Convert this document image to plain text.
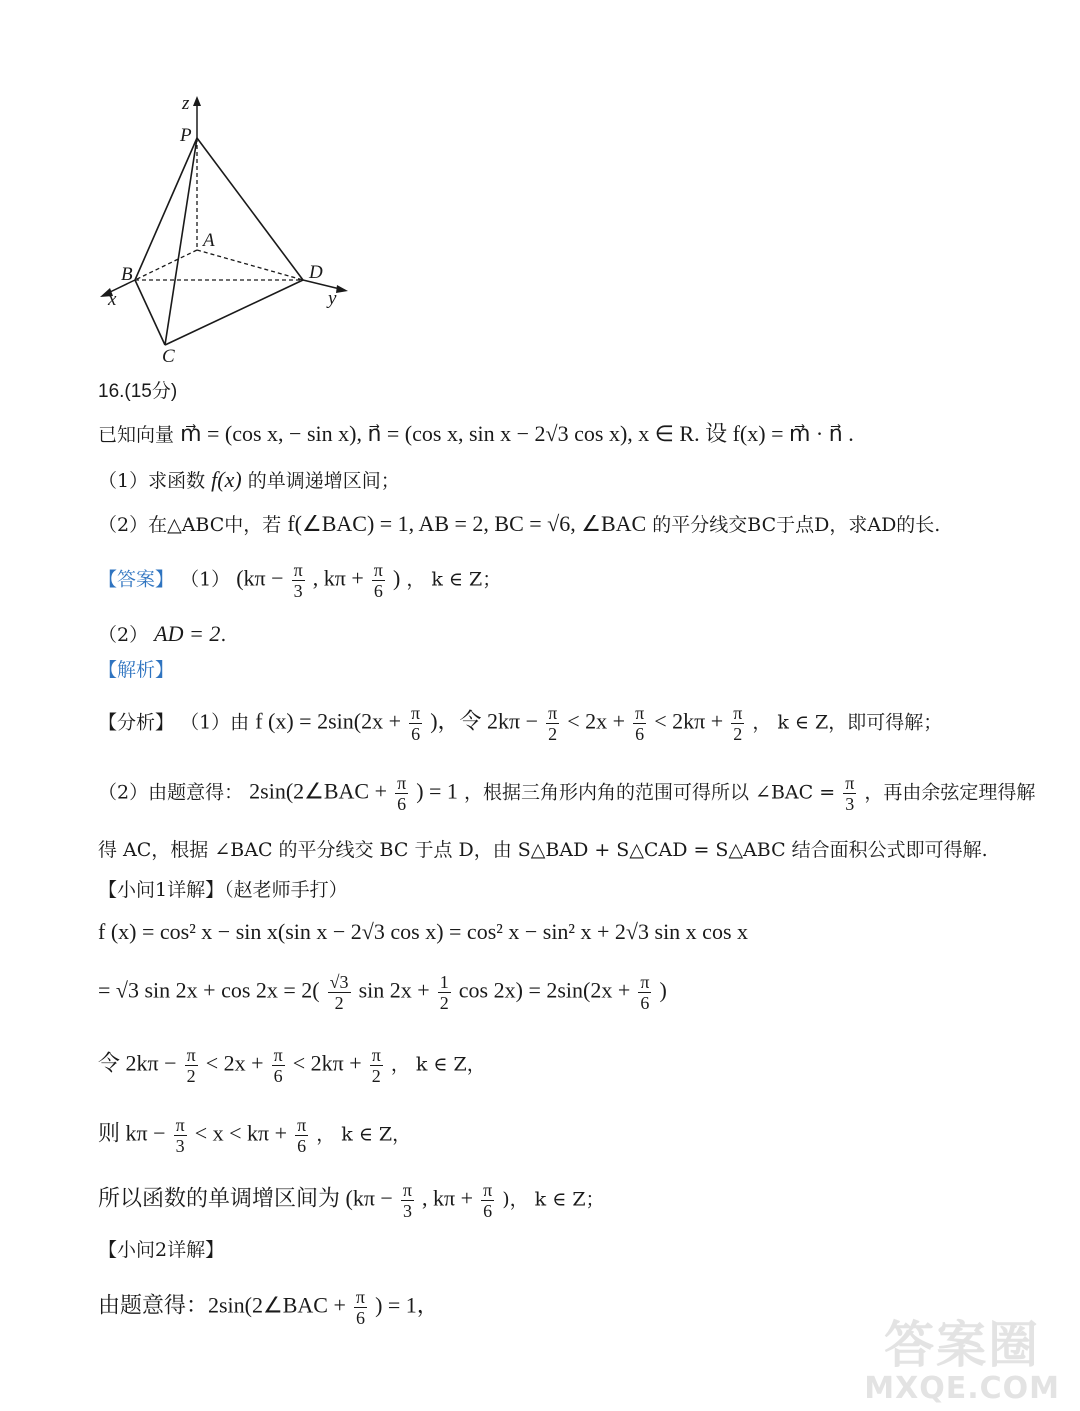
z
P
A
B	D
x	y
C
16.(15分)
已知向量 m⃗ = (cos x, − sin x), n⃗ = (cos x, sin x − 2√3 cos x), x ∈ R. 设 f(x) = m⃗ · n⃗ .
（1）求函数 f(x) 的单调递增区间；
（2）在△ABC中，若 f(∠BAC) = 1, AB = 2, BC = √6, ∠BAC 的平分线交BC于点D，求AD的长.
【答案】 （1） ($k\pi - \frac{\pi}{3}$ , $k\pi + \frac{\pi}{6}$ ) ， k ∈ Z；
（2） AD = 2.
【解析】
【分析】 （1）由 f $(x) = 2\sin(2x + \frac{\pi}{6}$ )，令 $2k\pi - \frac{\pi}{2} < 2x + \frac{\pi}{6} < 2k\pi + \frac{\pi}{2}$ ， k ∈ Z，即可得解；
（2）由题意得： 2sin(2∠BAC + $\frac{\pi}{6}$ ) = 1 ，根据三角形内角的范围可得所以 ∠BAC = $\frac{\pi}{3}$ ，再由余弦定理得解
得 AC，根据 ∠BAC 的平分线交 BC 于点 D，由 S△BAD + S△CAD = S△ABC 结合面积公式即可得解.
【小问1详解】（赵老师手打）
f (x) = cos² x − sin x(sin x − 2√3 cos x) = cos² x − sin² x + 2√3 sin x cos x
= √3 $\sin 2x + \cos 2x = 2( \frac{√3}{2}$ $\sin 2x + \frac{1}{2}$ $\cos 2x) = 2\sin(2x + \frac{\pi}{6}$ )
令 $2k\pi - \frac{\pi}{2} < 2x + \frac{\pi}{6} < 2k\pi + \frac{\pi}{2}$ ， k ∈ Z，
则 $k\pi - \frac{\pi}{3} < x < k\pi + \frac{\pi}{6}$ ， k ∈ Z，
所以函数的单调增区间为 ($k\pi - \frac{\pi}{3}$ , $k\pi + \frac{\pi}{6}$ )， k ∈ Z；
【小问2详解】
由题意得：2sin(2∠BAC + $\frac{\pi}{6}$ ) = 1，
答案圈
MXQE.COM
